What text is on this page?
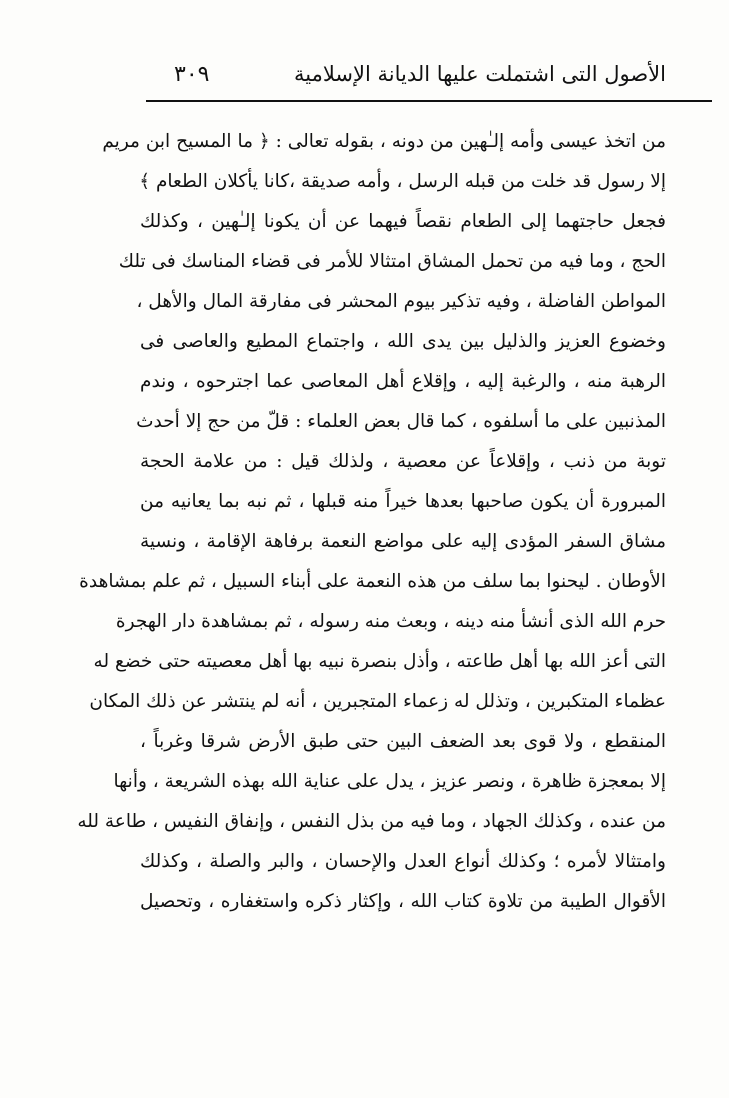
٣٠٩	الأصول التى اشتملت عليها الديانة الإسلامية
من اتخذ عيسى وأمه إلـٰهين من دونه ، بقوله تعالى : ﴿ ما المسيح ابن مريم
إلا رسول قد خلت من قبله الرسل ، وأمه صديقة ،كانا يأكلان الطعام ﴾
فجعل حاجتهما إلى الطعام نقصاً فيهما عن أن يكونا إلـٰهين ، وكذلك
الحج ، وما فيه من تحمل المشاق امتثالا للأمر فى قضاء المناسك فى تلك
المواطن الفاضلة ، وفيه تذكير بيوم المحشر فى مفارقة المال والأهل ،
وخضوع العزيز والذليل بين يدى الله ، واجتماع المطيع والعاصى فى
الرهبة منه ، والرغبة إليه ، وإقلاع أهل المعاصى عما اجترحوه ، وندم
المذنبين على ما أسلفوه ، كما قال بعض العلماء : قلّ من حج إلا أحدث
توبة من ذنب ، وإقلاعاً عن معصية ، ولذلك قيل : من علامة الحجة
المبرورة أن يكون صاحبها بعدها خيراً منه قبلها ، ثم نبه بما يعانيه من
مشاق السفر المؤدى إليه على مواضع النعمة برفاهة الإقامة ، ونسية
الأوطان . ليحنوا بما سلف من هذه النعمة على أبناء السبيل ، ثم علم بمشاهدة
حرم الله الذى أنشأ منه دينه ، وبعث منه رسوله ، ثم بمشاهدة دار الهجرة
التى أعز الله بها أهل طاعته ، وأذل بنصرة نبيه بها أهل معصيته حتى خضع له
عظماء المتكبرين ، وتذلل له زعماء المتجبرين ، أنه لم ينتشر عن ذلك المكان
المنقطع ، ولا قوى بعد الضعف البين حتى طبق الأرض شرقا وغرباً ،
إلا بمعجزة ظاهرة ، ونصر عزيز ، يدل على عناية الله بهذه الشريعة ، وأنها
من عنده ، وكذلك الجهاد ، وما فيه من بذل النفس ، وإنفاق النفيس ، طاعة لله
وامتثالا لأمره ؛ وكذلك أنواع العدل والإحسان ، والبر والصلة ، وكذلك
الأقوال الطيبة من تلاوة كتاب الله ، وإكثار ذكره واستغفاره ، وتحصيل
